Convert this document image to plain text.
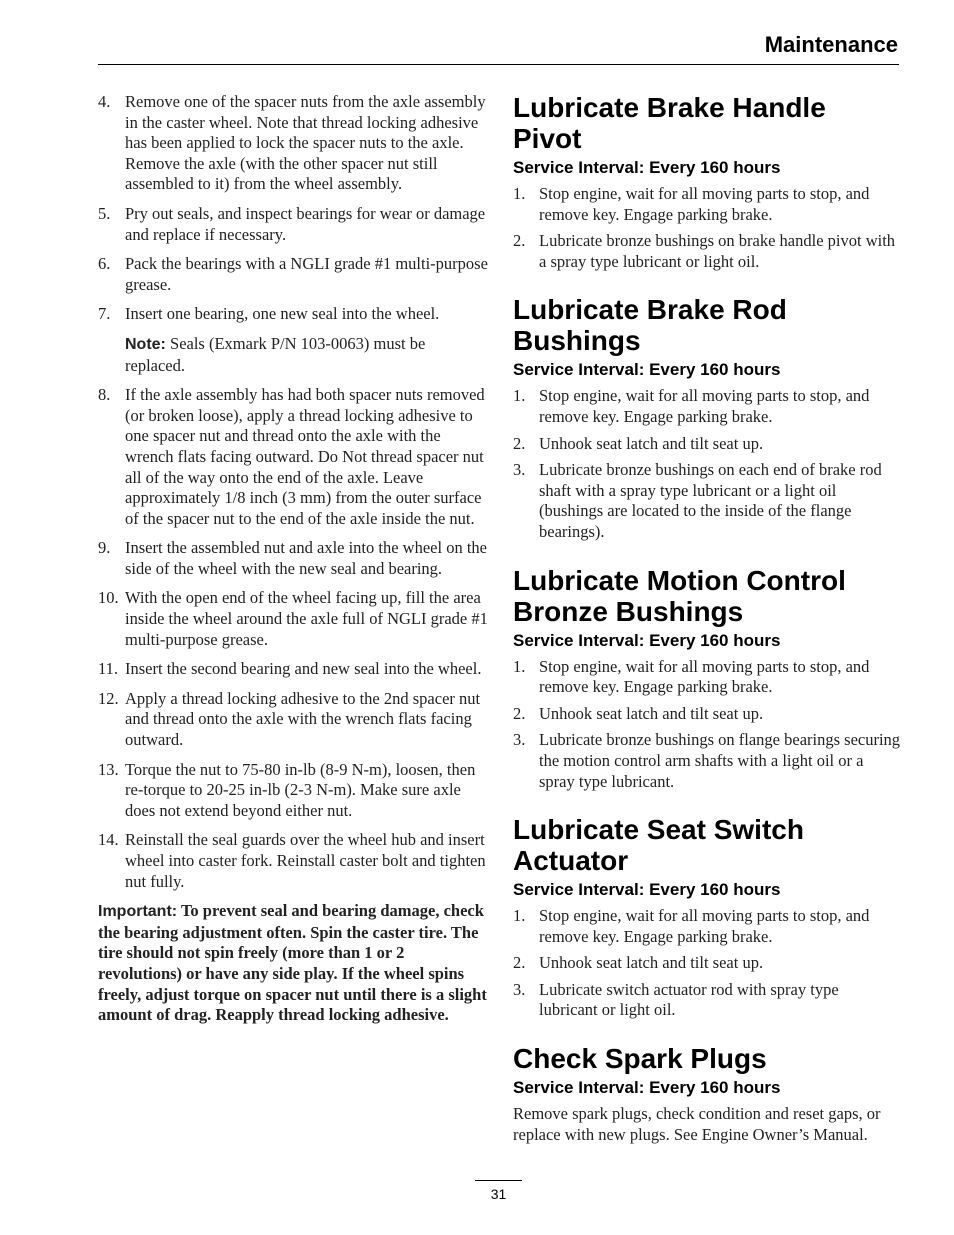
Maintenance
4. Remove one of the spacer nuts from the axle assembly in the caster wheel. Note that thread locking adhesive has been applied to lock the spacer nuts to the axle. Remove the axle (with the other spacer nut still assembled to it) from the wheel assembly.
5. Pry out seals, and inspect bearings for wear or damage and replace if necessary.
6. Pack the bearings with a NGLI grade #1 multi-purpose grease.
7. Insert one bearing, one new seal into the wheel.
Note: Seals (Exmark P/N 103-0063) must be replaced.
8. If the axle assembly has had both spacer nuts removed (or broken loose), apply a thread locking adhesive to one spacer nut and thread onto the axle with the wrench flats facing outward. Do Not thread spacer nut all of the way onto the end of the axle. Leave approximately 1/8 inch (3 mm) from the outer surface of the spacer nut to the end of the axle inside the nut.
9. Insert the assembled nut and axle into the wheel on the side of the wheel with the new seal and bearing.
10. With the open end of the wheel facing up, fill the area inside the wheel around the axle full of NGLI grade #1 multi-purpose grease.
11. Insert the second bearing and new seal into the wheel.
12. Apply a thread locking adhesive to the 2nd spacer nut and thread onto the axle with the wrench flats facing outward.
13. Torque the nut to 75-80 in-lb (8-9 N-m), loosen, then re-torque to 20-25 in-lb (2-3 N-m). Make sure axle does not extend beyond either nut.
14. Reinstall the seal guards over the wheel hub and insert wheel into caster fork. Reinstall caster bolt and tighten nut fully.
Important: To prevent seal and bearing damage, check the bearing adjustment often. Spin the caster tire. The tire should not spin freely (more than 1 or 2 revolutions) or have any side play. If the wheel spins freely, adjust torque on spacer nut until there is a slight amount of drag. Reapply thread locking adhesive.
Lubricate Brake Handle Pivot
Service Interval: Every 160 hours
1. Stop engine, wait for all moving parts to stop, and remove key. Engage parking brake.
2. Lubricate bronze bushings on brake handle pivot with a spray type lubricant or light oil.
Lubricate Brake Rod Bushings
Service Interval: Every 160 hours
1. Stop engine, wait for all moving parts to stop, and remove key. Engage parking brake.
2. Unhook seat latch and tilt seat up.
3. Lubricate bronze bushings on each end of brake rod shaft with a spray type lubricant or a light oil (bushings are located to the inside of the flange bearings).
Lubricate Motion Control Bronze Bushings
Service Interval: Every 160 hours
1. Stop engine, wait for all moving parts to stop, and remove key. Engage parking brake.
2. Unhook seat latch and tilt seat up.
3. Lubricate bronze bushings on flange bearings securing the motion control arm shafts with a light oil or a spray type lubricant.
Lubricate Seat Switch Actuator
Service Interval: Every 160 hours
1. Stop engine, wait for all moving parts to stop, and remove key. Engage parking brake.
2. Unhook seat latch and tilt seat up.
3. Lubricate switch actuator rod with spray type lubricant or light oil.
Check Spark Plugs
Service Interval: Every 160 hours

Remove spark plugs, check condition and reset gaps, or replace with new plugs. See Engine Owner’s Manual.

31
